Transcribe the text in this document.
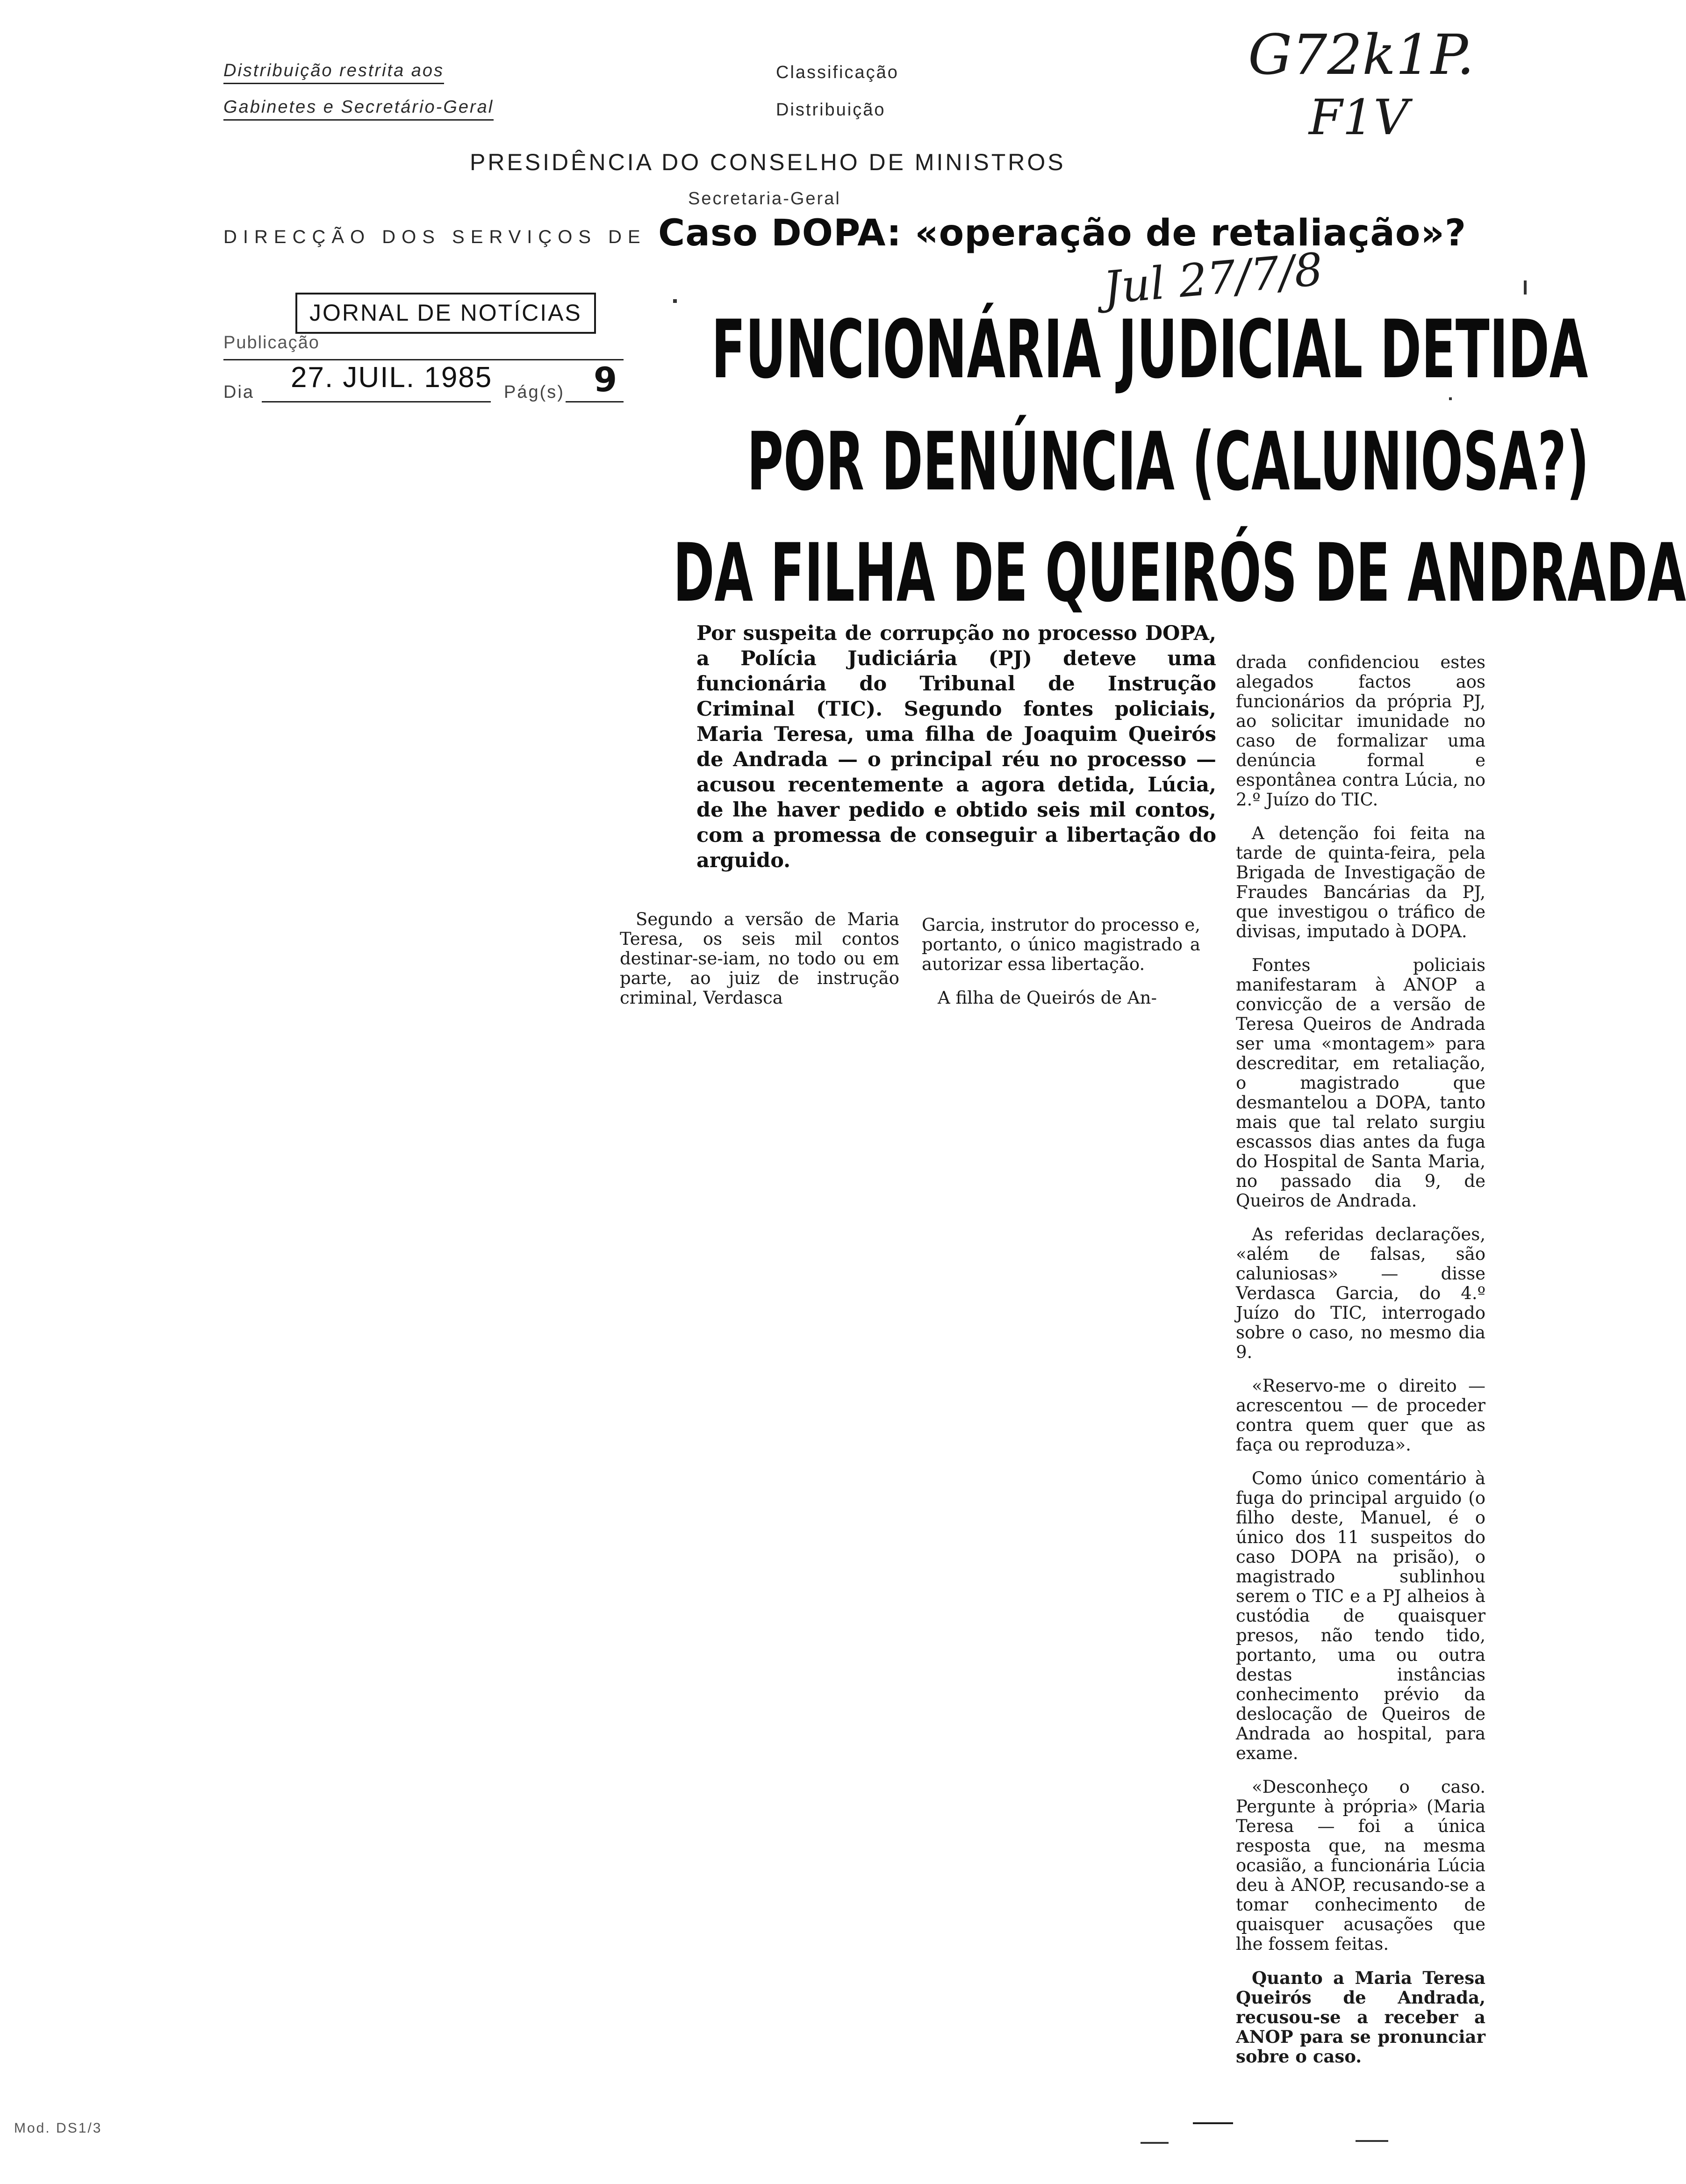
Distribuição restrita aos
Gabinetes e Secretário-Geral
Classificação
Distribuição
G72k1P.
F1V
PRESIDÊNCIA DO CONSELHO DE MINISTROS
Secretaria-Geral
DIRECÇÃO DOS SERVIÇOS DE
JORNAL DE NOTÍCIAS
Publicação
Dia 27. JUIL. 1985 Pág(s) 9
Caso DOPA: «operação de retaliação»?
Jul 27/7/8
FUNCIONÁRIA JUDICIAL DETIDA
POR DENÚNCIA (CALUNIOSA?)
DA FILHA DE QUEIRÓS DE ANDRADA
Por suspeita de corrupção no processo DOPA, a Polícia Judiciária (PJ) deteve uma funcionária do Tribunal de Instrução Criminal (TIC). Segundo fontes policiais, Maria Teresa, uma filha de Joaquim Queirós de Andrada — o principal réu no processo — acusou recentemente a agora detida, Lúcia, de lhe haver pedido e obtido seis mil contos, com a promessa de conseguir a libertação do arguido.

Segundo a versão de Maria Teresa, os seis mil contos destinar-se-iam, no todo ou em parte, ao juiz de instrução criminal, Verdasca

Garcia, instrutor do processo e, portanto, o único magistrado a autorizar essa libertação.

A filha de Queirós de An-

drada confidenciou estes alegados factos aos funcionários da própria PJ, ao solicitar imunidade no caso de formalizar uma denúncia formal e espontânea contra Lúcia, no 2.º Juízo do TIC.

A detenção foi feita na tarde de quinta-feira, pela Brigada de Investigação de Fraudes Bancárias da PJ, que investigou o tráfico de divisas, imputado à DOPA.

Fontes policiais manifestaram à ANOP a convicção de a versão de Teresa Queiros de Andrada ser uma «montagem» para descreditar, em retaliação, o magistrado que desmantelou a DOPA, tanto mais que tal relato surgiu escassos dias antes da fuga do Hospital de Santa Maria, no passado dia 9, de Queiros de Andrada.

As referidas declarações, «além de falsas, são caluniosas» — disse Verdasca Garcia, do 4.º Juízo do TIC, interrogado sobre o caso, no mesmo dia 9.

«Reservo-me o direito — acrescentou — de proceder contra quem quer que as faça ou reproduza».

Como único comentário à fuga do principal arguido (o filho deste, Manuel, é o único dos 11 suspeitos do caso DOPA na prisão), o magistrado sublinhou serem o TIC e a PJ alheios à custódia de quaisquer presos, não tendo tido, portanto, uma ou outra destas instâncias conhecimento prévio da deslocação de Queiros de Andrada ao hospital, para exame.

«Desconheço o caso. Pergunte à própria» (Maria Teresa — foi a única resposta que, na mesma ocasião, a funcionária Lúcia deu à ANOP, recusando-se a tomar conhecimento de quaisquer acusações que lhe fossem feitas.

Quanto a Maria Teresa Queirós de Andrada, recusou-se a receber a ANOP para se pronunciar sobre o caso.

Mod. DS1/3
